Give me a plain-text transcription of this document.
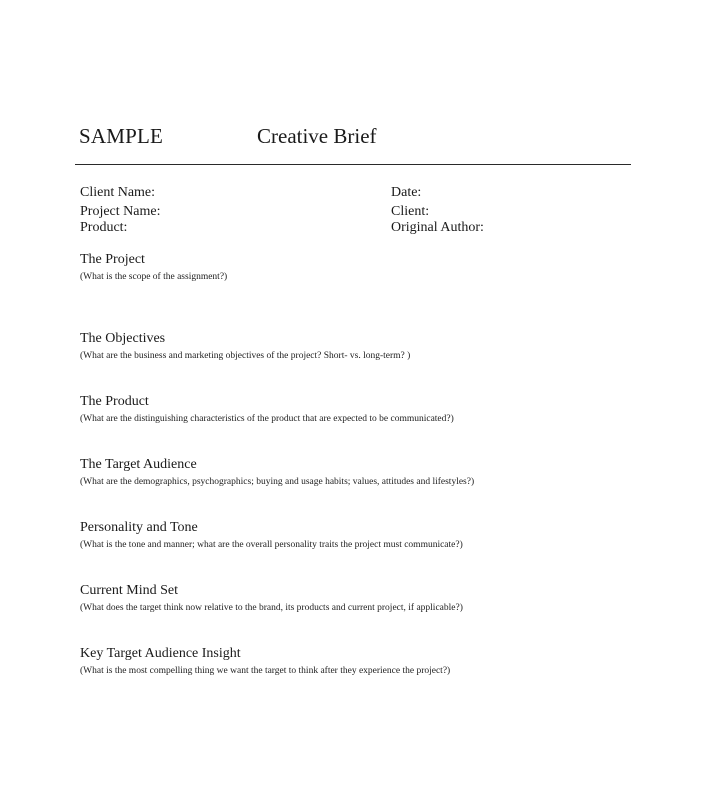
SAMPLE	Creative Brief
Client Name:
Project Name:
Product:
Date:
Client:
Original Author:
The Project
(What is the scope of the assignment?)
The Objectives
(What are the business and marketing objectives of the project? Short- vs. long-term? )
The Product
(What are the distinguishing characteristics of the product that are expected to be communicated?)
The Target Audience
(What are the demographics, psychographics; buying and usage habits; values, attitudes and lifestyles?)
Personality and Tone
(What is the tone and manner; what are the overall personality traits the project must communicate?)
Current Mind Set
(What does the target think now relative to the brand, its products and current project, if applicable?)
Key Target Audience Insight
(What is the most compelling thing we want the target to think after they experience the project?)
